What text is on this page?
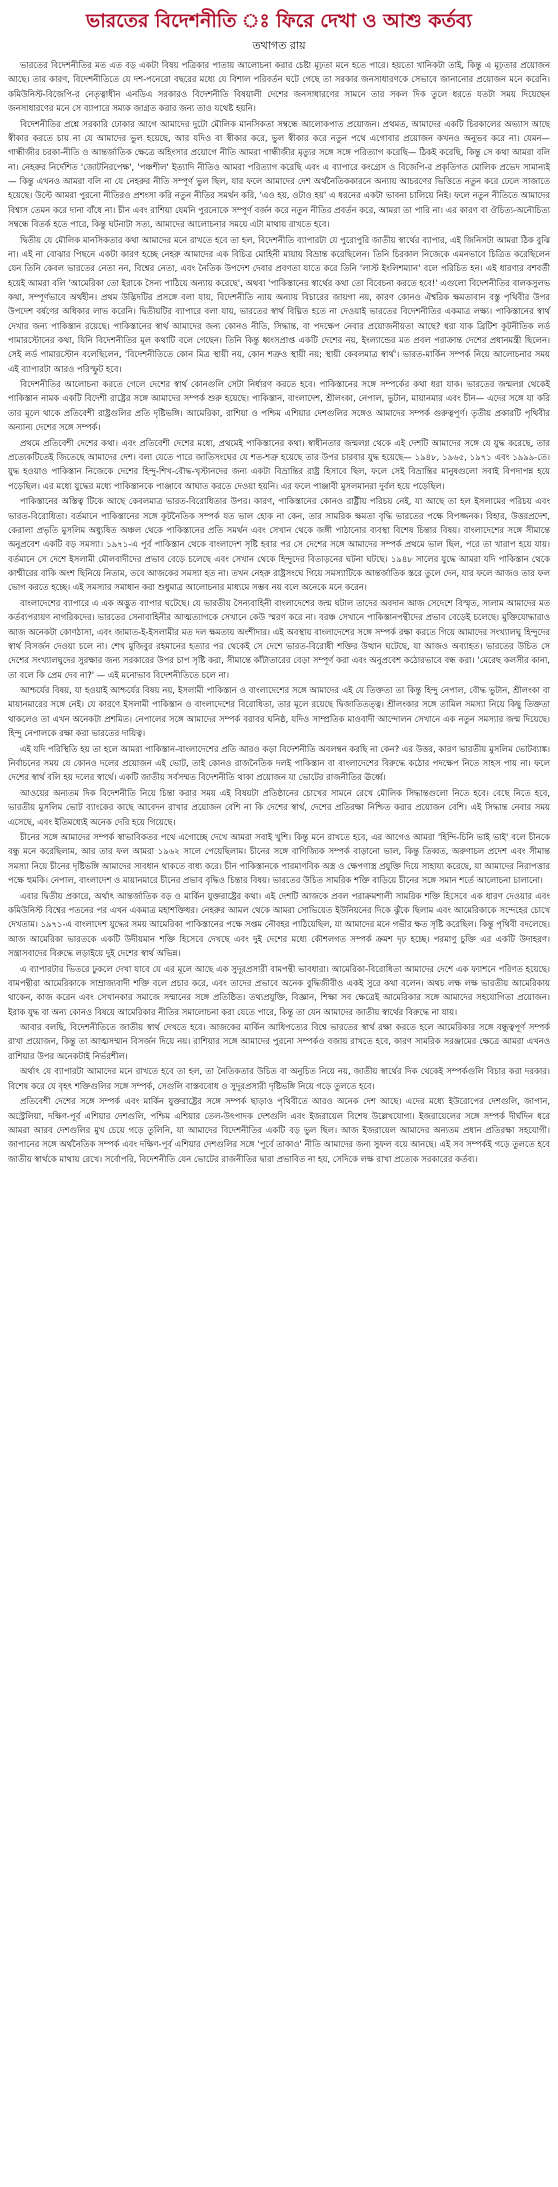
ভারতের বিদেশনীতি ঃ ফিরে দেখা ও আশু কর্তব্য
তথাগত রায়

ভারতের বিদেশনীতির মত এত বড় একটা বিষয় পত্রিকার পাতায় আলোচনা করার চেষ্টা মূঢ়তা মনে হতে পারে। হয়তো খানিকটা তাই, কিন্তু এ মূঢ়তার প্রয়োজন আছে। তার কারণ, বিদেশনীতিতে যে দশ-পনেরো বছরের মধ্যে যে বিশাল পরিবর্তন ঘটে গেছে তা সরকার জনসাধারণকে সেভাবে জানানোর প্রয়োজন মনে করেনি। কমিউনিস্ট-বিজেপি-র নেতৃত্বাধীন এনডিএ সরকারও বিদেশনীতি বিষয়ালী দেশের জনসাধারণের সামনে তার সকল দিক তুলে ধরতে যতটা সময় দিয়েছেন জনসাধারণের মনে সে ব্যাপারে সম্যক জাগ্রত করার জন্য তাও যথেষ্ট হয়নি।

বিদেশনীতির প্রশ্নে সরকারি ঢোকার আগে আমাদের দুটো মৌলিক মানসিকতা সম্বন্ধে আলোকপাত প্রয়োজন। প্রথমত, আমাদের একটি চিরকালের অভ্যাস আছে স্বীকার করতে চায় না যে আমাদের ভুল হয়েছে, আর যদিও বা স্বীকার করে, ভুল স্বীকার করে নতুন পথে এগোবার প্রয়োজন কখনও অনুভব করে না। যেমন— গান্ধীজীর চরকা-নীতি ও আন্তর্জাতিক ক্ষেত্রে অহিংসার প্রয়োগে নীতি আমরা গান্ধীজীর মৃত্যুর সঙ্গে সঙ্গে পরিত্যাগ করেছি— ঠিকই করেছি, কিন্তু সে কথা আমরা বলি না। নেহরুর নির্দেশিত 'জোটনিরপেক্ষ', 'পঞ্চশীল' ইত্যাদি নীতিও আমরা পরিত্যাগ করেছি এবং এ ব্যাপারে কংগ্রেস ও বিজেপি-র প্রকৃতিগত মোলিক প্রভেদ সামান্যই— কিন্তু এখনও আমরা বলি না যে নেহরুর নীতি সম্পূর্ণ ভুল ছিল, যার ফলে আমাদের দেশ অর্থনৈতিককারনে অন্যায় আচরণের ভিত্তিতে নতুন করে ঢেলে সাজাতে হয়েছে। উল্টে আমরা পুরনো নীতিরও প্রশংসা করি নতুন নীতির সমর্থন করি, 'এও হয়, ওটাও হয়' এ ধরনের একটা ভাবনা চালিয়ে নিই। ফলে নতুন নীতিতে আমাদের বিশ্বাস তেমন করে দানা বাঁধে না। চীন এবং রাশিয়া যেমনি পুরনোকে সম্পূর্ণ বর্জন করে নতুন নীতির প্রবর্তন করে, আমরা তা পারি না। এর কারণ বা ঔচিত্য-অনৌচিত্য সম্বন্ধে বিতর্ক হতে পারে, কিন্তু ঘটনাটা সত্য, আমাদের আলোচনার সময়ে এটা মাথায় রাখতে হবে।

দ্বিতীয় যে মৌলিক মানসিকতার কথা আমাদের মনে রাখতে হবে তা হল, বিদেশনীতি ব্যাপারটা যে পুরোপুরি জাতীয় স্বার্থের ব্যাপার, এই জিনিসটা আমরা ঠিক বুঝি না। এই না বোঝার পিছনে একটা কারণ হচ্ছে নেহরু আমাদের এক বিচিত্র মোহিনী মায়ায় বিভ্রান্ত করেছিলেন। তিনি চিরকাল নিজেকে এমনভাবে চিত্রিত করেছিলেন যেন তিনি কেবল ভারতের নেতা নন, বিশ্বের নেতা, এবং নৈতিক উপদেশ দেবার প্রবণতা যাতে করে তিনি 'লাস্ট ইংলিশম্যান' বলে পরিচিত হন। এই ধারণার বশবর্তী হয়েই আমরা বলি 'আমেরিকা তো ইরাকে সৈন্য পাঠিয়ে অন্যায় করেছে', অথবা 'পাকিস্তানের স্বার্থের কথা তো বিবেচনা করতে হবে!' এগুলো বিদেশনীতির বালকসুলভ কথা, সম্পূর্ণভাবে অর্থহীন। প্রথম উদ্ভিদটির প্রসঙ্গে বলা যায়, বিদেশনীতি ন্যায় অন্যায় বিচারের জায়গা নয়, কারণ কোনও ঐশ্বরিক ক্ষমতাবান বস্তু পৃথিবীর উপর উপদেশ বর্ষণের অধিকার লাভ করেনি। দ্বিতীয়টির ব্যাপারে বলা যায়, ভারতের স্বার্থ বিঘ্নিত হতে না দেওয়াই ভারতের বিদেশনীতির একমাত্র লক্ষ্য। পাকিস্তানের স্বার্থ দেখার জন্য পাকিস্তান রয়েছে। পাকিস্তানের স্বার্থ আমাদের জন্য কোনও নীতি, সিদ্ধান্ত, বা পদক্ষেপ নেবার প্রয়োজনীয়তা আছে? ধরা যাক ব্রিটিশ কূটনীতিক লর্ড পামারস্টোনের কথা, যিনি বিদেশনীতির মূল কথাটি বলে গেছেন। তিনি কিন্তু ধ্বংসপ্রাপ্ত একটি দেশের নয়, ইংল্যান্ডের মত প্রবল পরাক্রান্ত দেশের প্রধানমন্ত্রী ছিলেন। সেই লর্ড পামারস্টোন বলেছিলেন, 'বিদেশনীতিতে কোন মিত্র স্থায়ী নয়, কোন শত্রুও স্থায়ী নয়; স্থায়ী কেবলমাত্র স্বার্থ'। ভারত-মার্কিন সম্পর্ক নিয়ে আলোচনার সময় এই ব্যাপারটা আরও পরিস্ফুট হবে।

বিদেশনীতির আলোচনা করতে গেলে দেশের স্বার্থ কোনগুলি সেটা নির্ধারণ করতে হবে। পাকিস্তানের সঙ্গে সম্পর্কের কথা ধরা যাক। ভারতের জন্মলগ্ন থেকেই পাকিস্তান নামক একটি বিদেশী রাষ্ট্রের সঙ্গে আমাদের সম্পর্ক শুরু হয়েছে। পাকিস্তান, বাংলাদেশ, শ্রীলংকা, নেপাল, ভুটান, মায়ানমার এবং চীন— এদের সঙ্গে যা করি তার মূলে থাকে প্রতিবেশী রাষ্ট্রগুলির প্রতি দৃষ্টিভঙ্গি। আমেরিকা, রাশিয়া ও পশ্চিম এশিয়ার দেশগুলির সঙ্গেও আমাদের সম্পর্ক গুরুত্বপূর্ণ। তৃতীয় প্রকারটি পৃথিবীর অন্যান্য দেশের সঙ্গে সম্পর্ক।

প্রথমে প্রতিবেশী দেশের কথা। এবং প্রতিবেশী দেশের মধ্যে, প্রথমেই পাকিস্তানের কথা। স্বাধীনতার জন্মলগ্ন থেকে এই দেশটি আমাদের সঙ্গে যে যুদ্ধ করেছে, তার প্রত্যেকটিতেই জিতেছে আমাদের দেশ। বলা যেতে পারে জাতিসংঘের যে শত-শত্রু হয়েছে তার উপর চারবার যুদ্ধ হয়েছে— ১৯৪৮, ১৯৬৫, ১৯৭১ এবং ১৯৯৯-তে। যুদ্ধ হওয়াও পাকিস্তান নিজেকে দেশের হিন্দু-শিখ-বৌদ্ধ-খৃস্টানদের জন্য একটা বিভ্রান্তির রাষ্ট্র হিসাবে ছিল, ফলে সেই বিভ্রান্তির মানুষগুলো সবাই বিপদাপন্ন হয়ে পড়েছিল। এর মধ্যে যুদ্ধের মধ্যে পাকিস্তানকে পাঞ্জাবে আঘাত করতে দেওয়া হয়নি। এর ফলে পাঞ্জাবী মুসলমানরা দুর্বল হয়ে পড়েছিল।

পাকিস্তানের অস্তিত্ব টিকে আছে কেবলমাত্র ভারত-বিরোধিতার উপর। কারণ, পাকিস্তানের কোনও রাষ্ট্রীয় পরিচয় নেই, যা আছে তা হল ইসলামের পরিচয় এবং ভারত-বিরোধিতা। বর্তমানে পাকিস্তানের সঙ্গে কূটনৈতিক সম্পর্ক যত ভাল হোক না কেন, তার সামরিক ক্ষমতা বৃদ্ধি ভারতের পক্ষে বিপজ্জনক। বিহার, উত্তরপ্রদেশ, কেরালা প্রভৃতি মুসলিম অধ্যুষিত অঞ্চল থেকে পাকিস্তানের প্রতি সমর্থন এবং সেখান থেকে জঙ্গী পাঠানোর ব্যবস্থা বিশেষ চিন্তার বিষয়। বাংলাদেশের সঙ্গে সীমান্তে অনুপ্রবেশ একটি বড় সমস্যা। ১৯৭১-এ পূর্ব পাকিস্তান থেকে বাংলাদেশ সৃষ্টি হবার পর সে দেশের সঙ্গে আমাদের সম্পর্ক প্রথমে ভাল ছিল, পরে তা খারাপ হয়ে যায়। বর্তমানে সে দেশে ইসলামী মৌলবাদীদের প্রভাব বেড়ে চলেছে এবং সেখান থেকে হিন্দুদের বিতাড়নের ঘটনা ঘটছে। ১৯৪৮ সালের যুদ্ধে আমরা যদি পাকিস্তান থেকে কাশ্মীরের বাকি অংশ ছিনিয়ে নিতাম, তবে আজকের সমস্যা হত না। তখন নেহরু রাষ্ট্রসংঘে গিয়ে সমস্যাটিকে আন্তর্জাতিক স্তরে তুলে দেন, যার ফলে আজও তার ফল ভোগ করতে হচ্ছে। এই সমস্যার সমাধান করা শুধুমাত্র আলোচনার মাধ্যমে সম্ভব নয় বলে অনেকে মনে করেন।

বাংলাদেশের ব্যাপারে এ এক অদ্ভুত ব্যাপার ঘটেছে। যে ভারতীয় সৈন্যবাহিনী বাংলাদেশের জন্ম ঘটাল তাদের অবদান আজ সেদেশে বিস্মৃত, সালাম আমাদের মত কর্তব্যপরায়ণ নাগরিকদের। ভারতের সেনাবাহিনীর আত্মত্যাগকে সেখানে কেউ স্মরণ করে না। বরঞ্চ সেখানে পাকিস্তানপন্থীদের প্রভাব বেড়েই চলেছে। মুক্তিযোদ্ধারাও আজ অনেকটা কোণঠাসা, এবং জামাত-ই-ইসলামীর মত দল ক্ষমতায় অংশীদার। এই অবস্থায় বাংলাদেশের সঙ্গে সম্পর্ক রক্ষা করতে গিয়ে আমাদের সংখ্যালঘু হিন্দুদের স্বার্থ বিসর্জন দেওয়া চলে না। শেখ মুজিবুর রহমানের হত্যার পর থেকেই সে দেশে ভারত-বিরোধী শক্তির উত্থান ঘটেছে, যা আজও অব্যাহত। ভারতের উচিত সে দেশের সংখ্যালঘুদের সুরক্ষার জন্য সরকারের উপর চাপ সৃষ্টি করা, সীমান্তে কাঁটাতারের বেড়া সম্পূর্ণ করা এবং অনুপ্রবেশ কঠোরভাবে বন্ধ করা। 'মেরেছ কলসীর কানা, তা বলে কি প্রেম দেব না?' — এই মনোভাব বিদেশনীতিতে চলে না।

আশ্চর্যের বিষয়, যা হওয়াই আশ্চর্যের বিষয় নয়, ইসলামী পাকিস্তান ও বাংলাদেশের সঙ্গে আমাদের এই যে তিক্ততা তা কিন্তু হিন্দু নেপাল, বৌদ্ধ ভুটান, শ্রীলংকা বা মায়ানমারের সঙ্গে নেই। যে কারণে ইসলামী পাকিস্তান ও বাংলাদেশের বিরোধিতা, তার মূলে রয়েছে দ্বিজাতিতত্ত্ব। শ্রীলংকার সঙ্গে তামিল সমস্যা নিয়ে কিছু তিক্ততা থাকলেও তা এখন অনেকটা প্রশমিত। নেপালের সঙ্গে আমাদের সম্পর্ক বরাবর ঘনিষ্ঠ, যদিও সাম্প্রতিক মাওবাদী আন্দোলন সেখানে এক নতুন সমস্যার জন্ম দিয়েছে। হিন্দু নেপালকে রক্ষা করা ভারতের দায়িত্ব।

এই যদি পরিস্থিতি হয় তা হলে আমরা পাকিস্তান-বাংলাদেশের প্রতি আরও কড়া বিদেশনীতি অবলম্বন করছি না কেন? এর উত্তর, কারণ ভারতীয় মুসলিম ভোটব্যাঙ্ক। নির্বাচনের সময় যে কোনও দলের প্রয়োজন এই ভোট, তাই কোনও রাজনৈতিক দলই পাকিস্তান বা বাংলাদেশের বিরুদ্ধে কঠোর পদক্ষেপ নিতে সাহস পায় না। ফলে দেশের স্বার্থ বলি হয় দলের স্বার্থে। একটি জাতীয় সর্বসম্মত বিদেশনীতি থাকা প্রয়োজন যা ভোটের রাজনীতির ঊর্ধ্বে।

আওয়ের অন্যতম দিক বিদেশনীতি নিয়ে চিন্তা করার সময় এই বিষয়টা প্রতিষ্ঠানের চোখের সামনে রেখে মৌলিক সিদ্ধান্তগুলো নিতে হবে। বেছে নিতে হবে, ভারতীয় মুসলিম ভোট ব্যাংকের কাছে আবেদন রাখার প্রয়োজন বেশি না কি দেশের স্বার্থ, দেশের প্রতিরক্ষা নিশ্চিত করার প্রয়োজন বেশি। এই সিদ্ধান্ত নেবার সময় এসেছে, এবং ইতিমধ্যেই অনেক দেরি হয়ে গিয়েছে।

চীনের সঙ্গে আমাদের সম্পর্ক স্বাভাবিকতর পথে এগোচ্ছে দেখে আমরা সবাই খুশি। কিন্তু মনে রাখতে হবে, এর আগেও আমরা 'হিন্দি-চিনি ভাই ভাই' বলে চীনকে বন্ধু মনে করেছিলাম, আর তার ফল আমরা ১৯৬২ সালে পেয়েছিলাম। চীনের সঙ্গে বাণিজ্যিক সম্পর্ক বাড়ানো ভাল, কিন্তু তিব্বত, অরুণাচল প্রদেশ এবং সীমান্ত সমস্যা নিয়ে চীনের দৃষ্টিভঙ্গি আমাদের সাবধান থাকতে বাধ্য করে। চীন পাকিস্তানকে পারমাণবিক অস্ত্র ও ক্ষেপণাস্ত্র প্রযুক্তি দিয়ে সাহায্য করেছে, যা আমাদের নিরাপত্তার পক্ষে হুমকি। নেপাল, বাংলাদেশ ও মায়ানমারে চীনের প্রভাব বৃদ্ধিও চিন্তার বিষয়। ভারতের উচিত সামরিক শক্তি বাড়িয়ে চীনের সঙ্গে সমান শর্তে আলোচনা চালানো।

এবার দ্বিতীয় প্রকারে, অর্থাৎ আন্তর্জাতিক বড় ও মার্কিন যুক্তরাষ্ট্রের কথা। এই দেশটি আজকে প্রবল পরাক্রমশালী সামরিক শক্তি হিসেবে এক ধারণ দেওয়ার এবং কমিউনিস্ট বিশ্বের পতনের পর এখন একমাত্র মহাশক্তিধর। নেহরুর আমল থেকে আমরা সোভিয়েত ইউনিয়নের দিকে ঝুঁকে ছিলাম এবং আমেরিকাকে সন্দেহের চোখে দেখতাম। ১৯৭১-এ বাংলাদেশ যুদ্ধের সময় আমেরিকা পাকিস্তানের পক্ষে সপ্তম নৌবহর পাঠিয়েছিল, যা আমাদের মনে গভীর ক্ষত সৃষ্টি করেছিল। কিন্তু পৃথিবী বদলেছে। আজ আমেরিকা ভারতকে একটি উদীয়মান শক্তি হিসেবে দেখছে এবং দুই দেশের মধ্যে কৌশলগত সম্পর্ক ক্রমশ দৃঢ় হচ্ছে। পরমাণু চুক্তি এর একটি উদাহরণ। সন্ত্রাসবাদের বিরুদ্ধে লড়াইয়ে দুই দেশের স্বার্থ অভিন্ন।

এ ব্যাপারটার ভিতরে ঢুকলে দেখা যাবে যে এর মূলে আছে এক সুদূরপ্রসারী বামপন্থী ভাবধারা। আমেরিকা-বিরোধিতা আমাদের দেশে এক ফ্যাশনে পরিণত হয়েছে। বামপন্থীরা আমেরিকাকে সাম্রাজ্যবাদী শক্তি বলে প্রচার করে, এবং তাদের প্রভাবে অনেক বুদ্ধিজীবীও একই সুরে কথা বলেন। অথচ লক্ষ লক্ষ ভারতীয় আমেরিকায় থাকেন, কাজ করেন এবং সেখানকার সমাজে সম্মানের সঙ্গে প্রতিষ্ঠিত। তথ্যপ্রযুক্তি, বিজ্ঞান, শিক্ষা সব ক্ষেত্রেই আমেরিকার সঙ্গে আমাদের সহযোগিতা প্রয়োজন। ইরাক যুদ্ধ বা অন্য কোনও বিষয়ে আমেরিকার নীতির সমালোচনা করা যেতে পারে, কিন্তু তা যেন আমাদের জাতীয় স্বার্থের বিরুদ্ধে না যায়।

আবার বলছি, বিদেশনীতিতে জাতীয় স্বার্থ দেখতে হবে। আজকের মার্কিন আধিপত্যের বিশ্বে ভারতের স্বার্থ রক্ষা করতে হলে আমেরিকার সঙ্গে বন্ধুত্বপূর্ণ সম্পর্ক রাখা প্রয়োজন, কিন্তু তা আত্মসম্মান বিসর্জন দিয়ে নয়। রাশিয়ার সঙ্গে আমাদের পুরনো সম্পর্কও বজায় রাখতে হবে, কারণ সামরিক সরঞ্জামের ক্ষেত্রে আমরা এখনও রাশিয়ার উপর অনেকটাই নির্ভরশীল।

অর্থাৎ যে ব্যাপারটা আমাদের মনে রাখতে হবে তা হল, তা নৈতিকতার উচিত বা অনুচিত নিয়ে নয়, জাতীয় স্বার্থের দিক থেকেই সম্পর্কগুলি বিচার করা দরকার। বিশেষ করে যে বৃহৎ শক্তিগুলির সঙ্গে সম্পর্ক, সেগুলি বাস্তববোধ ও সুদূরপ্রসারী দৃষ্টিভঙ্গি নিয়ে গড়ে তুলতে হবে।

প্রতিবেশী দেশের সঙ্গে সম্পর্ক এবং মার্কিন যুক্তরাষ্ট্রের সঙ্গে সম্পর্ক ছাড়াও পৃথিবীতে আরও অনেক দেশ আছে। এদের মধ্যে ইউরোপের দেশগুলি, জাপান, অস্ট্রেলিয়া, দক্ষিণ-পূর্ব এশিয়ার দেশগুলি, পশ্চিম এশিয়ার তেল-উৎপাদক দেশগুলি এবং ইজরায়েল বিশেষ উল্লেখযোগ্য। ইজরায়েলের সঙ্গে সম্পর্ক দীর্ঘদিন ধরে আমরা আরব দেশগুলির মুখ চেয়ে গড়ে তুলিনি, যা আমাদের বিদেশনীতির একটি বড় ভুল ছিল। আজ ইজরায়েল আমাদের অন্যতম প্রধান প্রতিরক্ষা সহযোগী। জাপানের সঙ্গে অর্থনৈতিক সম্পর্ক এবং দক্ষিণ-পূর্ব এশিয়ার দেশগুলির সঙ্গে 'পূর্বে তাকাও' নীতি আমাদের জন্য সুফল বয়ে আনছে। এই সব সম্পর্কই গড়ে তুলতে হবে জাতীয় স্বার্থকে মাথায় রেখে। সর্বোপরি, বিদেশনীতি যেন ভোটের রাজনীতির দ্বারা প্রভাবিত না হয়, সেদিকে লক্ষ রাখা প্রত্যেক সরকারের কর্তব্য।
